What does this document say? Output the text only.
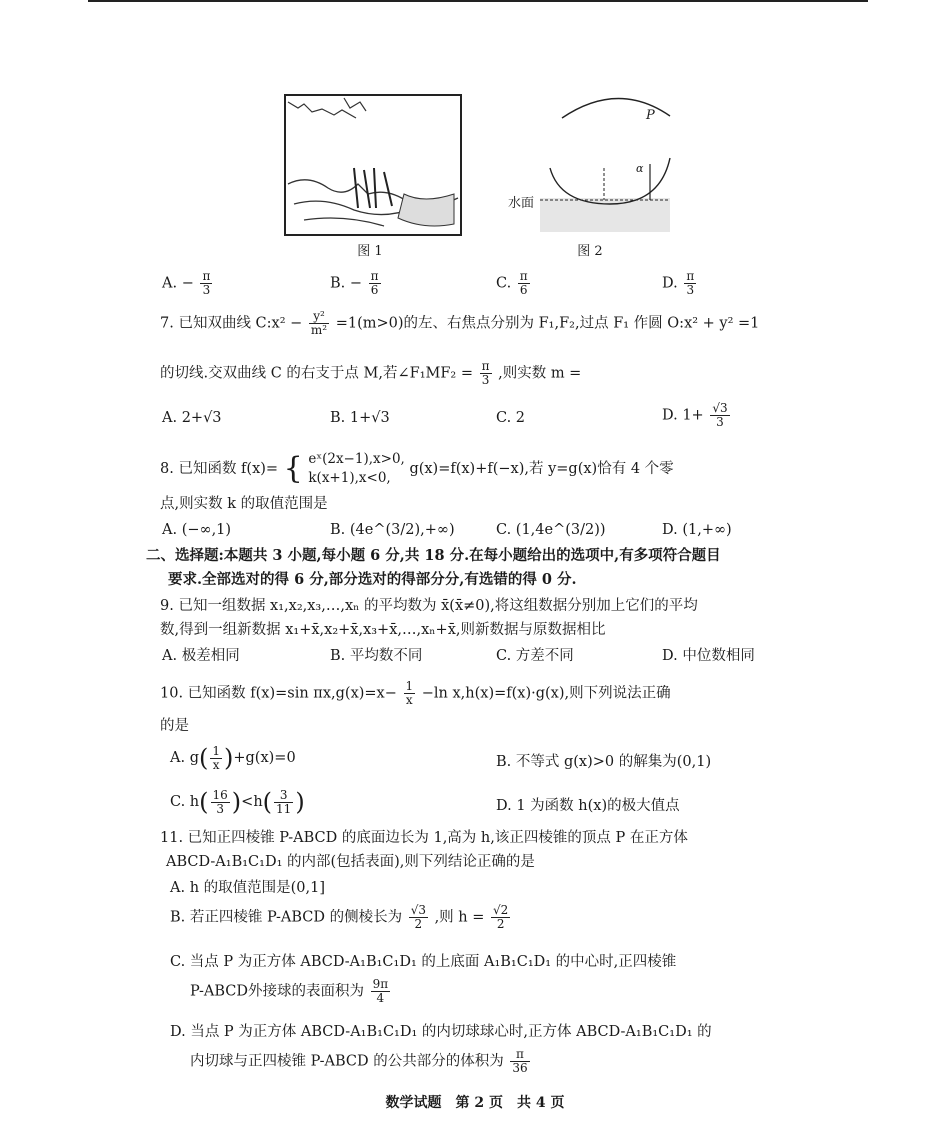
图 1
P
α
水面
图 2
A. − $\frac{\pi}{3}$	B. − $\frac{\pi}{6}$	C. $\frac{\pi}{6}$	D. $\frac{\pi}{3}$
7. 已知双曲线 C:x² − $\frac{\text{y²}}{\text{m²}} =1(m>0)$的左、右焦点分别为 F₁,F₂,过点 F₁ 作圆 O:x² + y² =1
的切线.交双曲线 C 的右支于点 M,若∠F₁MF₂ = $\frac{\pi}{3}$ ,则实数 m =
A. 2+√3	B. 1+√3	C. 2	D. $1+ \frac{√3}{3}$
8. 已知函数 f(x)= { eˣ(2x−1),x>0,
k(x+1),x<0,
g(x)=f(x)+f(−x),若 y=g(x)恰有 4 个零
点,则实数 k 的取值范围是
A. (−∞,1)	B. (4e^(3/2),+∞)	C. (1,4e^(3/2))	D. (1,+∞)
二、选择题:本题共 3 小题,每小题 6 分,共 18 分.在每小题给出的选项中,有多项符合题目
要求.全部选对的得 6 分,部分选对的得部分分,有选错的得 0 分.
9. 已知一组数据 x₁,x₂,x₃,…,xₙ 的平均数为 x̄(x̄≠0),将这组数据分别加上它们的平均
数,得到一组新数据 x₁+x̄,x₂+x̄,x₃+x̄,…,xₙ+x̄,则新数据与原数据相比
A. 极差相同	B. 平均数不同	C. 方差不同	D. 中位数相同
10. 已知函数 f(x)=sin $\pi x,g(x)=x- \frac{1}{x} -\ln$ x,h(x)=f(x)·g(x),则下列说法正确
的是
A. $g( \frac{1}{x} )+g(x)=0$	B. 不等式 g(x)>0 的解集为(0,1)
C. $h( \frac{16}{3} )<h( \frac{3}{11}$ )	D. 1 为函数 h(x)的极大值点
11. 已知正四棱锥 P-ABCD 的底面边长为 1,高为 h,该正四棱锥的顶点 P 在正方体
ABCD-A₁B₁C₁D₁ 的内部(包括表面),则下列结论正确的是
A. h 的取值范围是(0,1]
B. 若正四棱锥 P-ABCD 的侧棱长为 $\frac{√3}{2}$ ,则 $h = \frac{√2}{2}$
C. 当点 P 为正方体 ABCD-A₁B₁C₁D₁ 的上底面 A₁B₁C₁D₁ 的中心时,正四棱锥
P-ABCD外接球的表面积为 $\frac{9\pi}{4}$
D. 当点 P 为正方体 ABCD-A₁B₁C₁D₁ 的内切球球心时,正方体 ABCD-A₁B₁C₁D₁ 的
内切球与正四棱锥 P-ABCD 的公共部分的体积为 $\frac{\pi}{36}$
数学试题　第 2 页　共 4 页
